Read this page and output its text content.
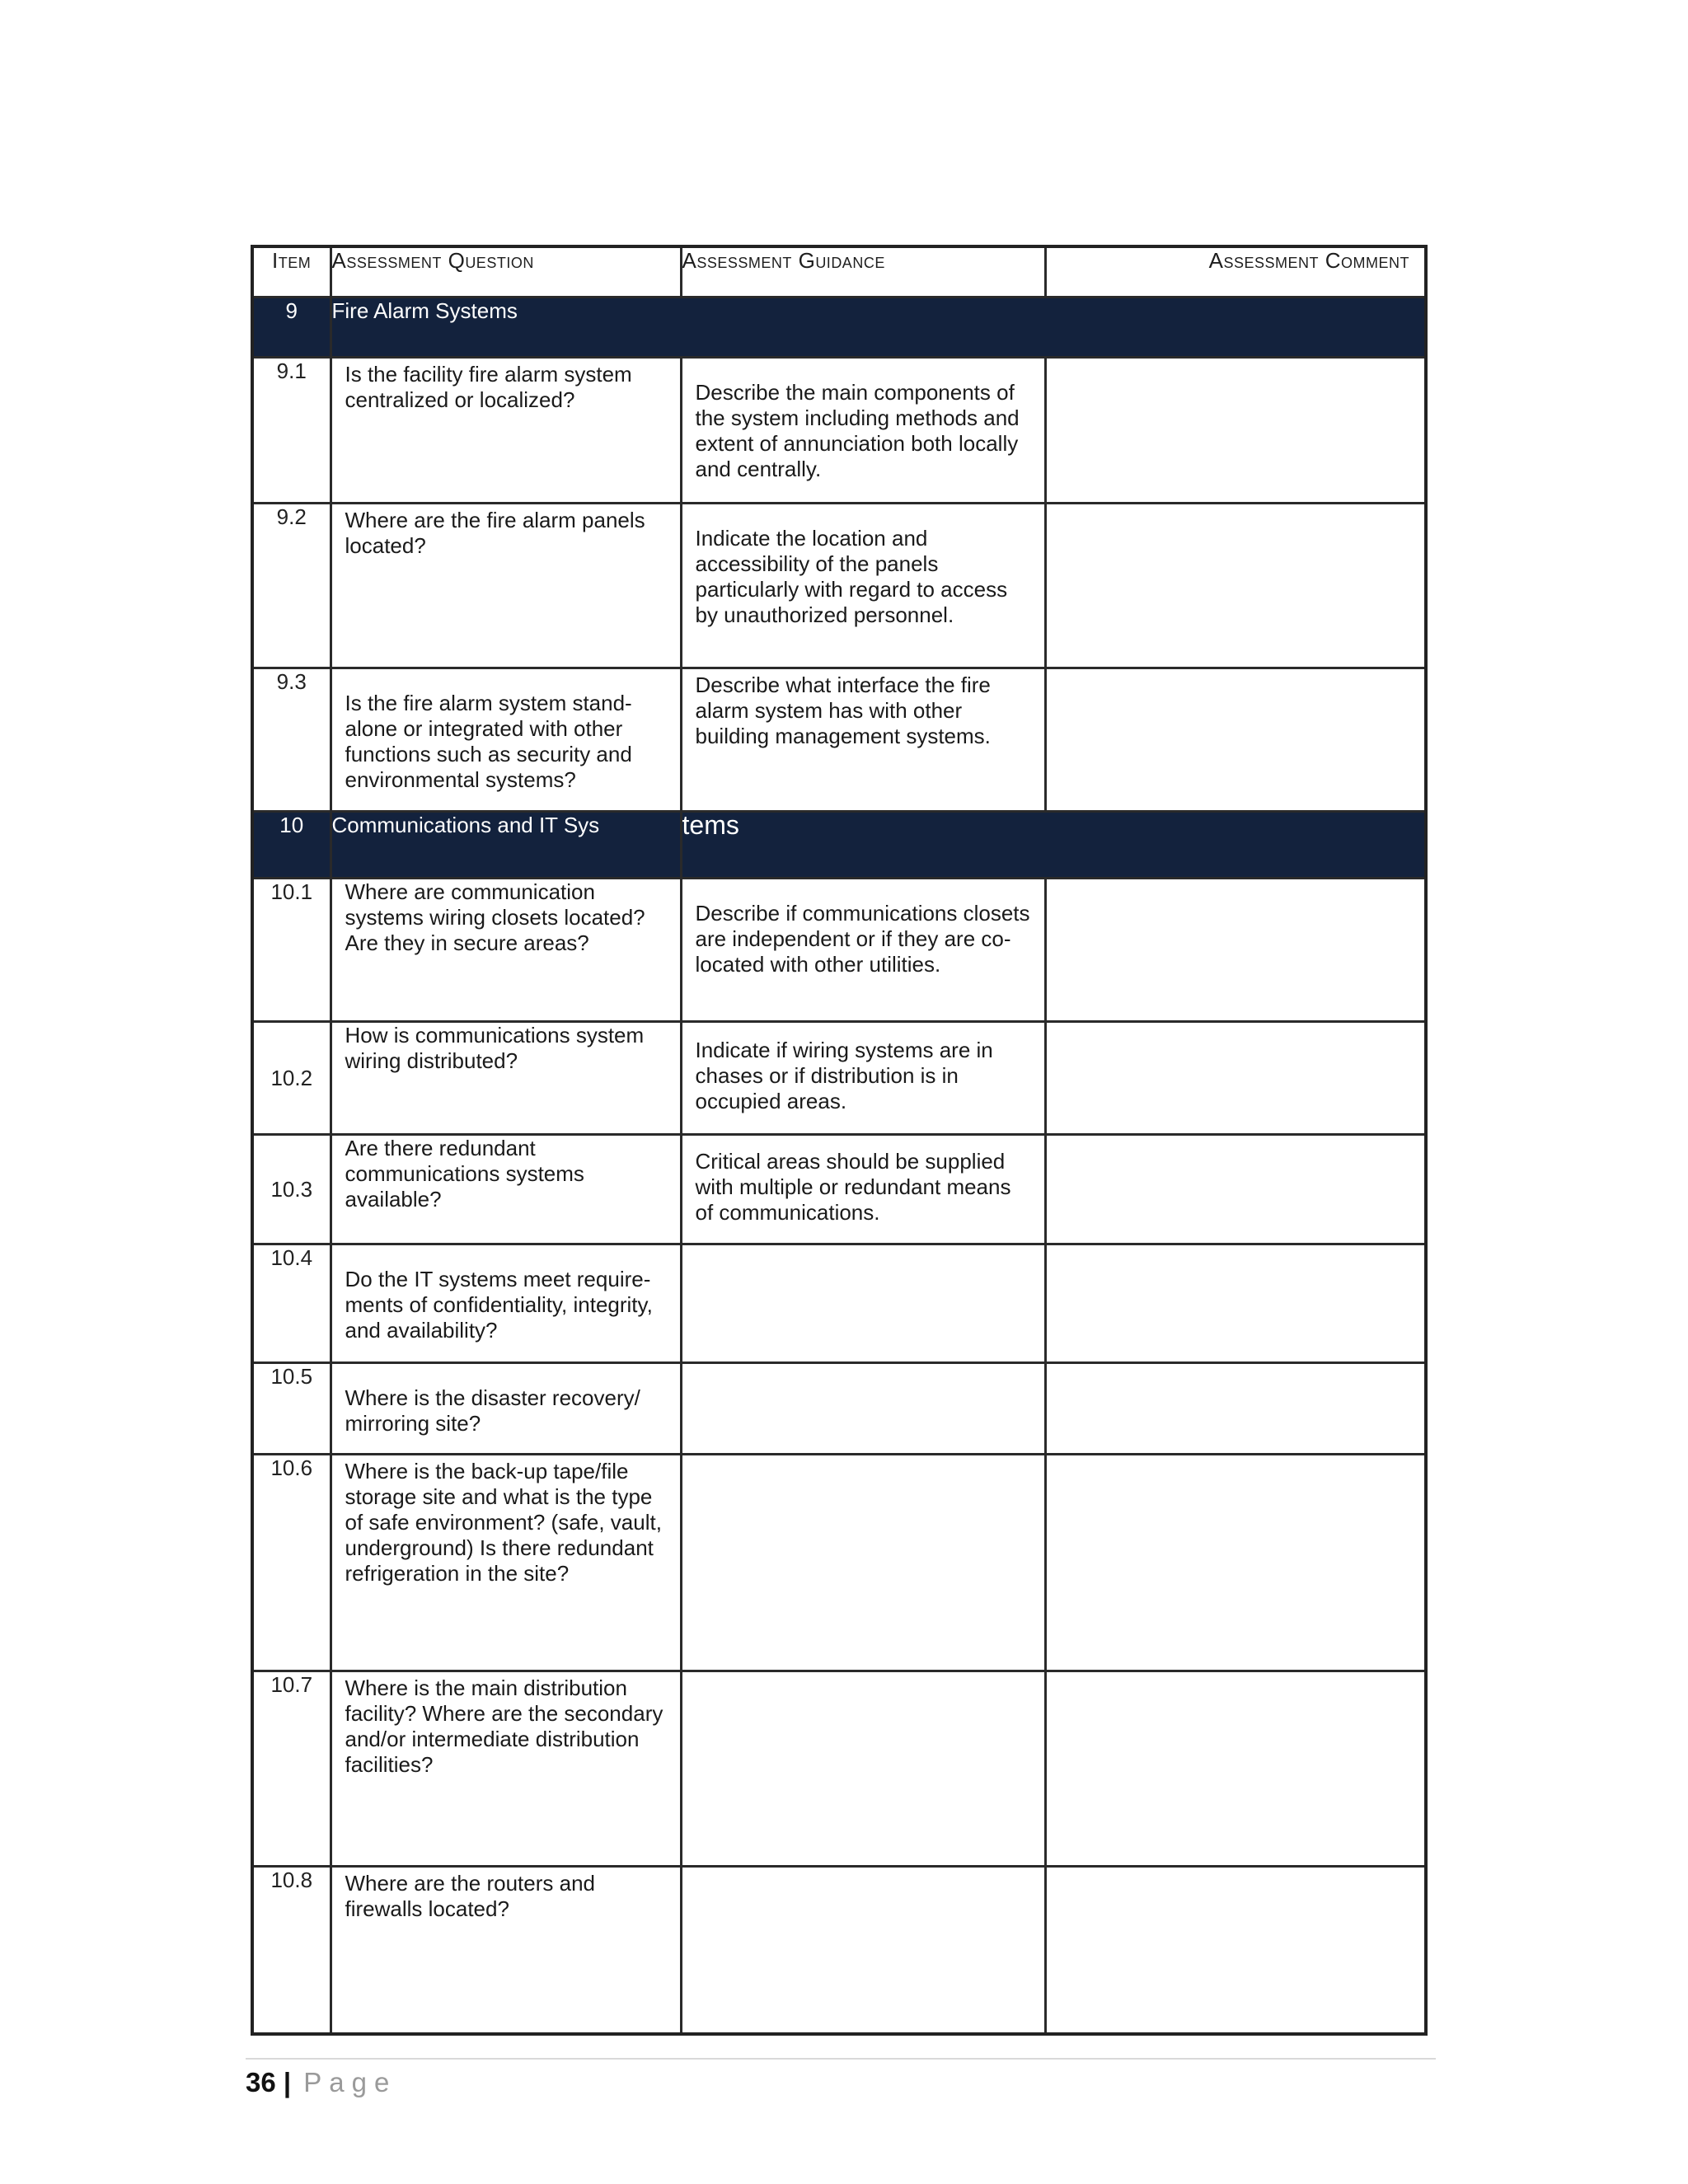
Item	Assessment Question	Assessment Guidance	Assessment Comment
9	Fire Alarm Systems		
9.1	Is the facility fire alarm system centralized or localized?	Describe the main components of the system including methods and extent of annunciation both locally and centrally.	

9.2	Where are the fire alarm panels located?	Indicate the location and accessibility of the panels particularly with regard to access by unauthorized personnel.	

9.3	Is the fire alarm system stand-alone or integrated with other functions such as security and environmental systems?	Describe what interface the fire alarm system has with other building management systems.	

10	Communications and IT Sys	tems	
10.1	Where are communication systems wiring closets located? Are they in secure areas?	Describe if communications closets are independent or if they are co-located with other utilities.	

10.2	How is communications system wiring distributed?	Indicate if wiring systems are in chases or if distribution is in occupied areas.	

10.3	Are there redundant communications systems available?	Critical areas should be supplied with multiple or redundant means of communications.	

10.4	Do the IT systems meet require-ments of confidentiality, integrity, and availability?		

10.5	Where is the disaster recovery/ mirroring site?		

10.6	Where is the back-up tape/file storage site and what is the type of safe environment? (safe, vault, underground) Is there redundant refrigeration in the site?		

10.7	Where is the main distribution facility? Where are the secondary and/or intermediate distribution facilities?		

10.8	Where are the routers and firewalls located?		

36 | Page
